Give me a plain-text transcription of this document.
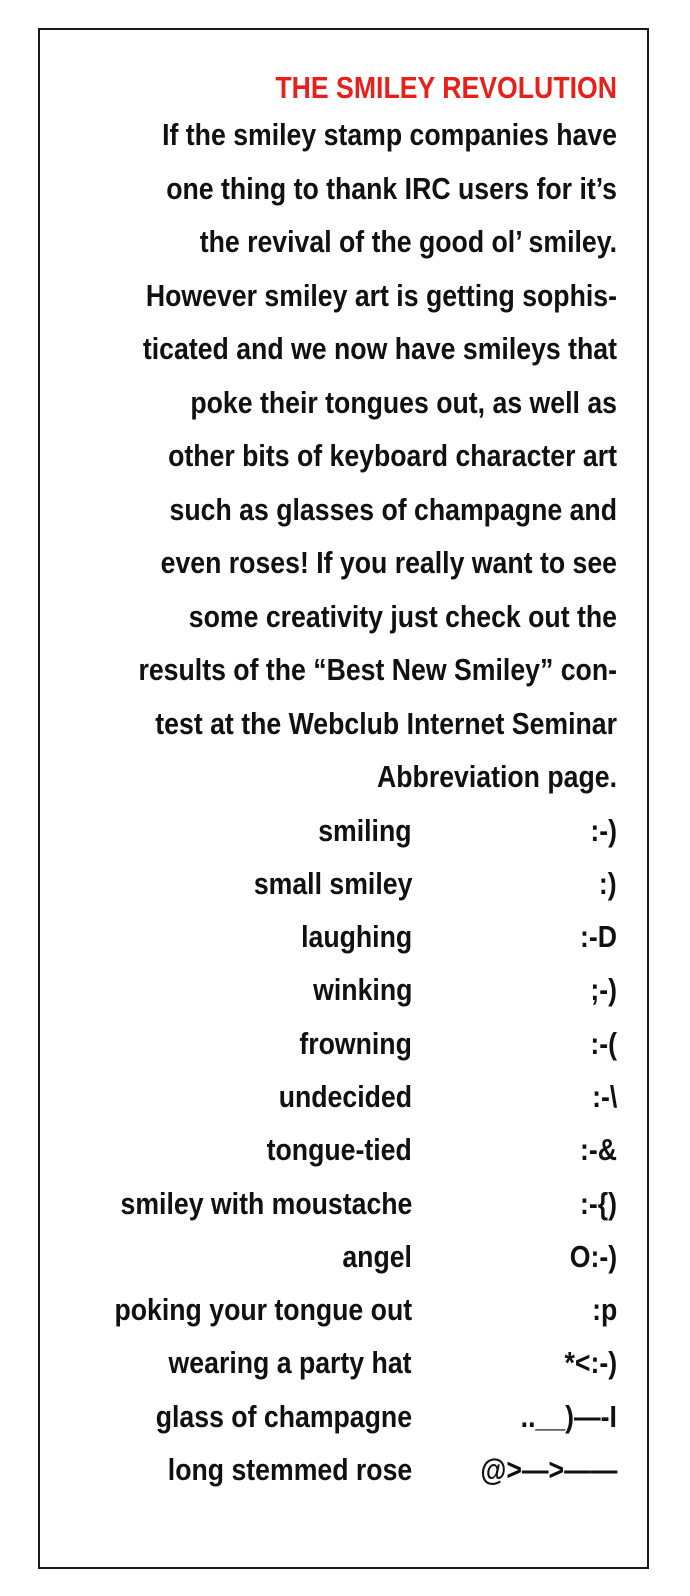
THE SMILEY REVOLUTION
If the smiley stamp companies have
one thing to thank IRC users for it’s
the revival of the good ol’ smiley.
However smiley art is getting sophis-
ticated and we now have smileys that
poke their tongues out, as well as
other bits of keyboard character art
such as glasses of champagne and
even roses! If you really want to see
some creativity just check out the
results of the “Best New Smiley” con-
test at the Webclub Internet Seminar
Abbreviation page.
smiling	:-)
small smiley	:)
laughing	:-D
winking	;-)
frowning	:-(
undecided	:-\
tongue-tied	:-&
smiley with moustache	:-{)
angel	O:-)
poking your tongue out	:p
wearing a party hat	*<:-)
glass of champagne	..__)—-I
long stemmed rose @>—>——
